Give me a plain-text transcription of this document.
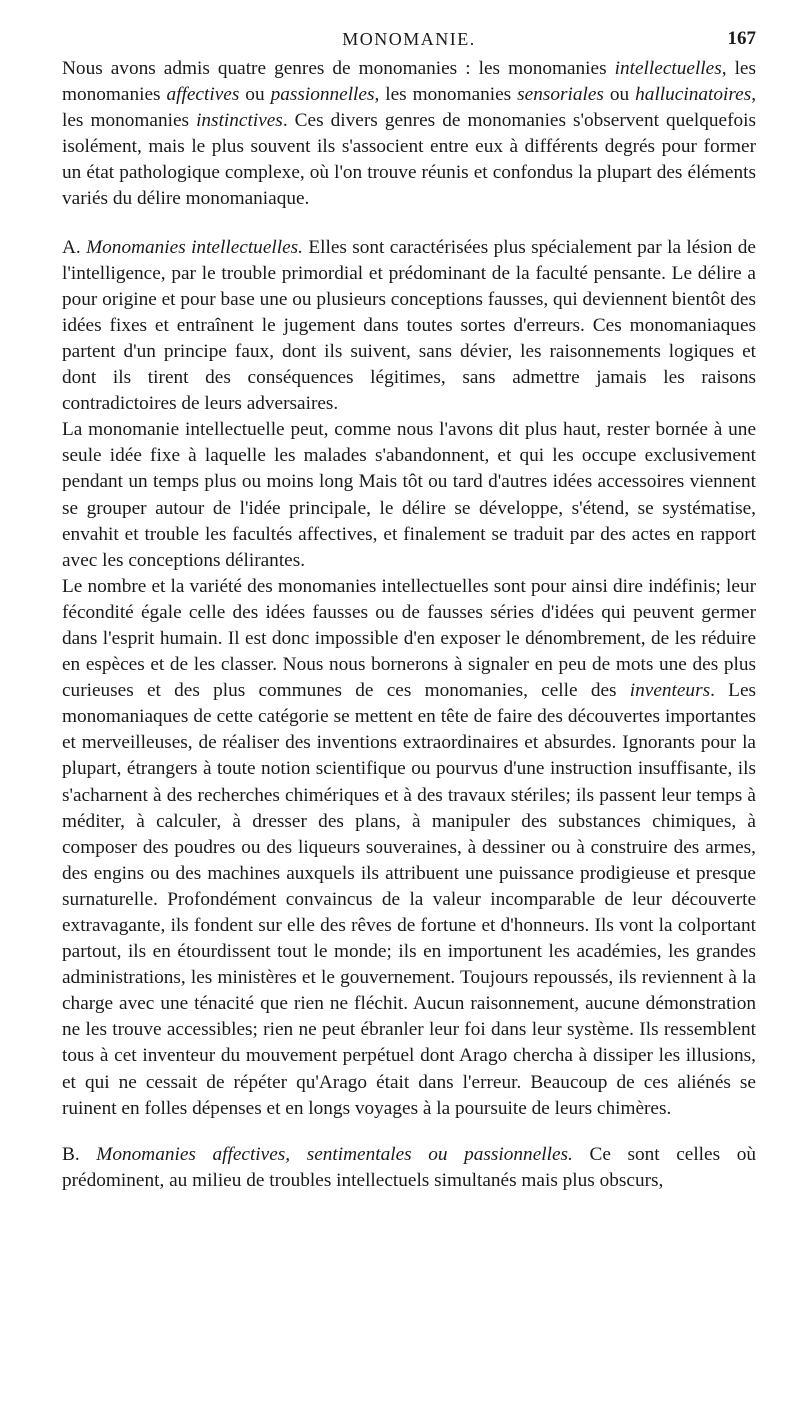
MONOMANIE.	167

Nous avons admis quatre genres de monomanies : les monomanies intellectuelles, les monomanies affectives ou passionnelles, les monomanies sensoriales ou hallucinatoires, les monomanies instinctives. Ces divers genres de monomanies s'observent quelquefois isolément, mais le plus souvent ils s'associent entre eux à différents degrés pour former un état pathologique complexe, où l'on trouve réunis et confondus la plupart des éléments variés du délire monomaniaque.

A. Monomanies intellectuelles. Elles sont caractérisées plus spécialement par la lésion de l'intelligence, par le trouble primordial et prédominant de la faculté pensante. Le délire a pour origine et pour base une ou plusieurs conceptions fausses, qui deviennent bientôt des idées fixes et entraînent le jugement dans toutes sortes d'erreurs. Ces monomaniaques partent d'un principe faux, dont ils suivent, sans dévier, les raisonnements logiques et dont ils tirent des conséquences légitimes, sans admettre jamais les raisons contradictoires de leurs adversaires.

La monomanie intellectuelle peut, comme nous l'avons dit plus haut, rester bornée à une seule idée fixe à laquelle les malades s'abandonnent, et qui les occupe exclusivement pendant un temps plus ou moins long Mais tôt ou tard d'autres idées accessoires viennent se grouper autour de l'idée principale, le délire se développe, s'étend, se systématise, envahit et trouble les facultés affectives, et finalement se traduit par des actes en rapport avec les conceptions délirantes.

Le nombre et la variété des monomanies intellectuelles sont pour ainsi dire indéfinis; leur fécondité égale celle des idées fausses ou de fausses séries d'idées qui peuvent germer dans l'esprit humain. Il est donc impossible d'en exposer le dénombrement, de les réduire en espèces et de les classer. Nous nous bornerons à signaler en peu de mots une des plus curieuses et des plus communes de ces monomanies, celle des inventeurs. Les monomaniaques de cette catégorie se mettent en tête de faire des découvertes importantes et merveilleuses, de réaliser des inventions extraordinaires et absurdes. Ignorants pour la plupart, étrangers à toute notion scientifique ou pourvus d'une instruction insuffisante, ils s'acharnent à des recherches chimériques et à des travaux stériles; ils passent leur temps à méditer, à calculer, à dresser des plans, à manipuler des substances chimiques, à composer des poudres ou des liqueurs souveraines, à dessiner ou à construire des armes, des engins ou des machines auxquels ils attribuent une puissance prodigieuse et presque surnaturelle. Profondément convaincus de la valeur incomparable de leur découverte extravagante, ils fondent sur elle des rêves de fortune et d'honneurs. Ils vont la colportant partout, ils en étourdissent tout le monde; ils en importunent les académies, les grandes administrations, les ministères et le gouvernement. Toujours repoussés, ils reviennent à la charge avec une ténacité que rien ne fléchit. Aucun raisonnement, aucune démonstration ne les trouve accessibles; rien ne peut ébranler leur foi dans leur système. Ils ressemblent tous à cet inventeur du mouvement perpétuel dont Arago chercha à dissiper les illusions, et qui ne cessait de répéter qu'Arago était dans l'erreur. Beaucoup de ces aliénés se ruinent en folles dépenses et en longs voyages à la poursuite de leurs chimères.

B. Monomanies affectives, sentimentales ou passionnelles. Ce sont celles où prédominent, au milieu de troubles intellectuels simultanés mais plus obscurs,
